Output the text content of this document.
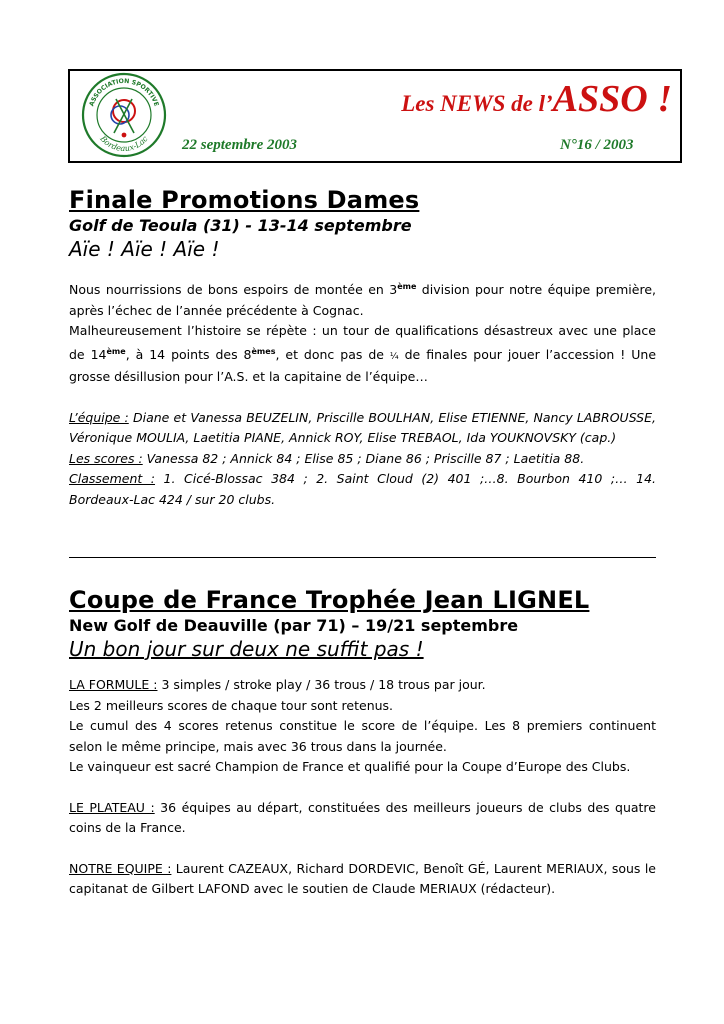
ASSOCIATION SPORTIVE
Bordeaux-Lac
Les NEWS de l’ASSO !
22 septembre 2003	N°16 / 2003
Finale Promotions Dames
Golf de Teoula (31) - 13-14 septembre
Aïe ! Aïe ! Aïe !

Nous nourrissions de bons espoirs de montée en 3ème division pour notre équipe première, après l’échec de l’année précédente à Cognac.

Malheureusement l’histoire se répète : un tour de qualifications désastreux avec une place de 14ème, à 14 points des 8èmes, et donc pas de ¼ de finales pour jouer l’accession ! Une grosse désillusion pour l’A.S. et la capitaine de l’équipe…

L’équipe : Diane et Vanessa BEUZELIN, Priscille BOULHAN, Elise ETIENNE, Nancy LABROUSSE, Véronique MOULIA, Laetitia PIANE, Annick ROY, Elise TREBAOL, Ida YOUKNOVSKY (cap.)

Les scores : Vanessa 82 ; Annick 84 ; Elise 85 ; Diane 86 ; Priscille 87 ; Laetitia 88.

Classement : 1. Cicé-Blossac 384 ; 2. Saint Cloud (2) 401 ;…8. Bourbon 410 ;… 14. Bordeaux-Lac 424 / sur 20 clubs.

Coupe de France Trophée Jean LIGNEL
New Golf de Deauville (par 71) – 19/21 septembre
Un bon jour sur deux ne suffit pas !

LA FORMULE : 3 simples / stroke play / 36 trous / 18 trous par jour.

Les 2 meilleurs scores de chaque tour sont retenus.

Le cumul des 4 scores retenus constitue le score de l’équipe. Les 8 premiers continuent selon le même principe, mais avec 36 trous dans la journée.

Le vainqueur est sacré Champion de France et qualifié pour la Coupe d’Europe des Clubs.

LE PLATEAU : 36 équipes au départ, constituées des meilleurs joueurs de clubs des quatre coins de la France.

NOTRE EQUIPE : Laurent CAZEAUX, Richard DORDEVIC, Benoît GÉ, Laurent MERIAUX, sous le capitanat de Gilbert LAFOND avec le soutien de Claude MERIAUX (rédacteur).
